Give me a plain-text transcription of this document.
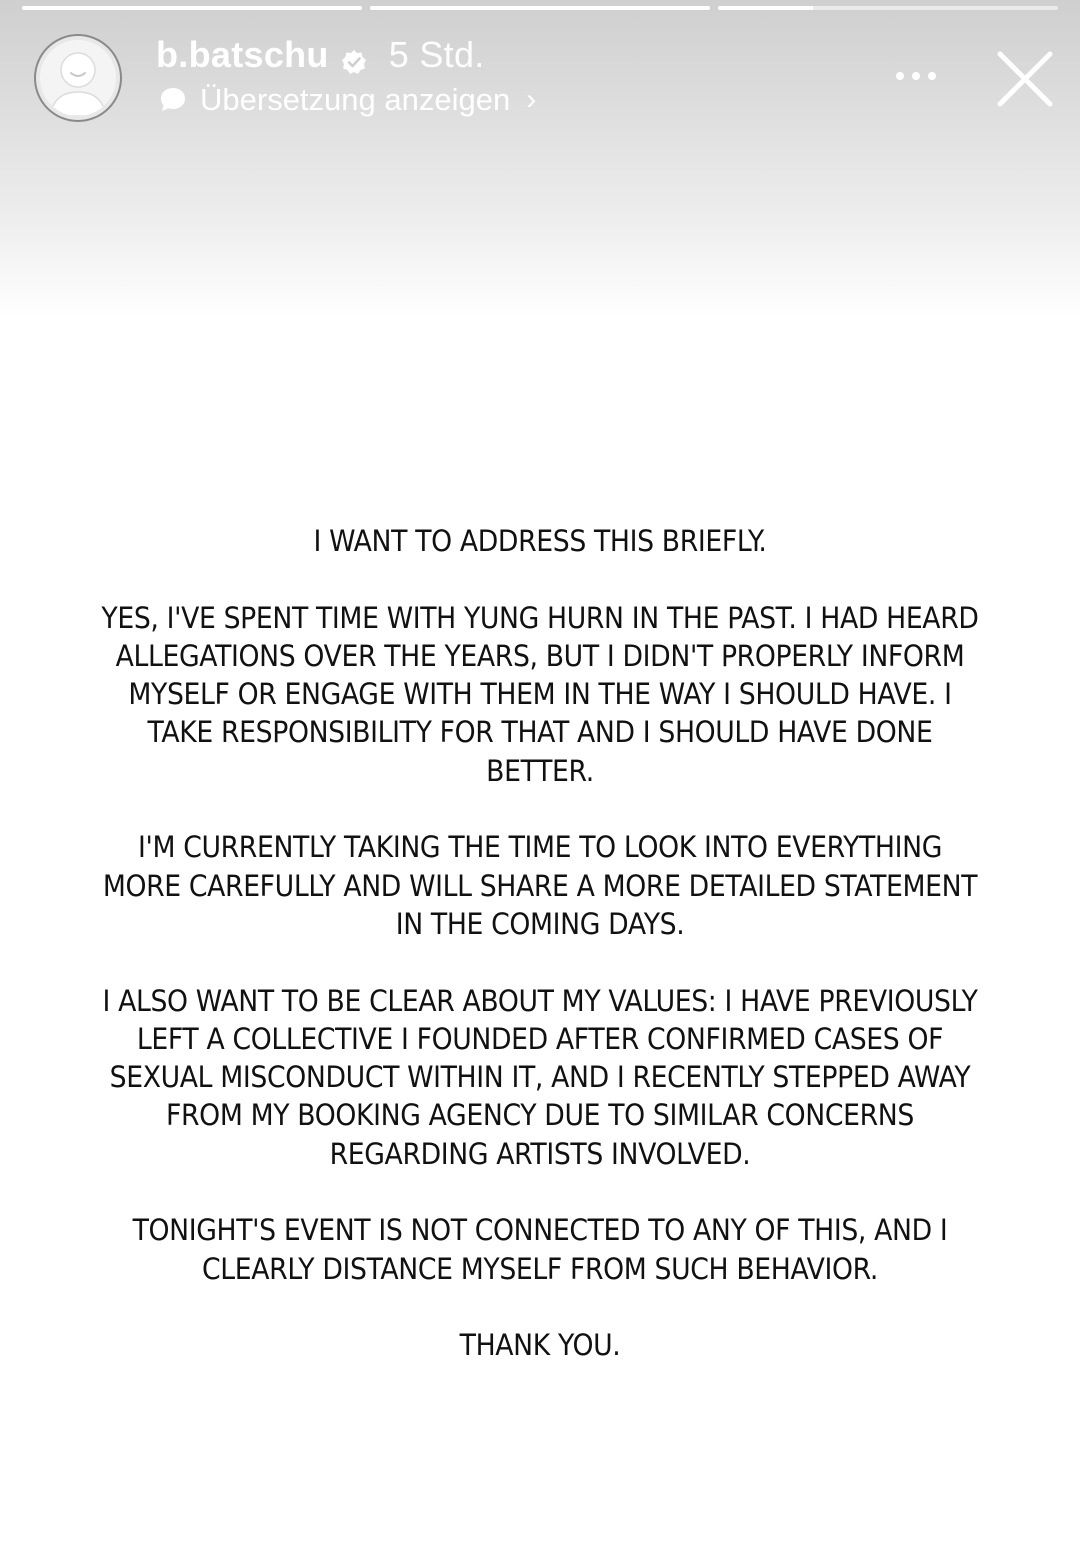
b.batschu 5 Std.
Übersetzung anzeigen ›

I WANT TO ADDRESS THIS BRIEFLY.

YES, I'VE SPENT TIME WITH YUNG HURN IN THE PAST. I HAD HEARD ALLEGATIONS OVER THE YEARS, BUT I DIDN'T PROPERLY INFORM MYSELF OR ENGAGE WITH THEM IN THE WAY I SHOULD HAVE. I TAKE RESPONSIBILITY FOR THAT AND I SHOULD HAVE DONE BETTER.

I'M CURRENTLY TAKING THE TIME TO LOOK INTO EVERYTHING MORE CAREFULLY AND WILL SHARE A MORE DETAILED STATEMENT IN THE COMING DAYS.

I ALSO WANT TO BE CLEAR ABOUT MY VALUES: I HAVE PREVIOUSLY LEFT A COLLECTIVE I FOUNDED AFTER CONFIRMED CASES OF SEXUAL MISCONDUCT WITHIN IT, AND I RECENTLY STEPPED AWAY FROM MY BOOKING AGENCY DUE TO SIMILAR CONCERNS REGARDING ARTISTS INVOLVED.

TONIGHT'S EVENT IS NOT CONNECTED TO ANY OF THIS, AND I CLEARLY DISTANCE MYSELF FROM SUCH BEHAVIOR.

THANK YOU.
